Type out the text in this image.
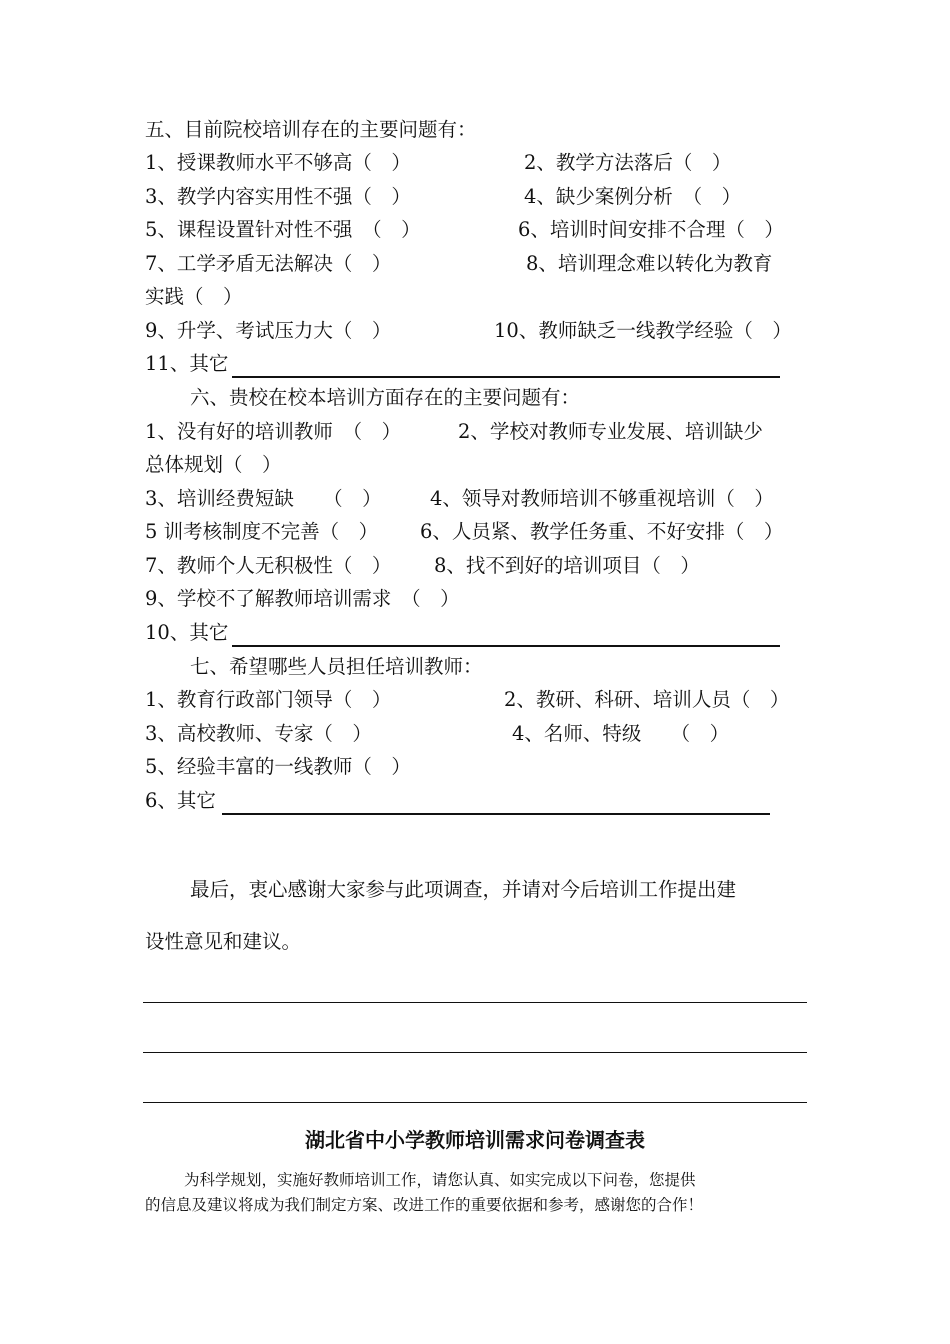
五、目前院校培训存在的主要问题有：
1、授课教师水平不够高（　）	2、教学方法落后（　）
3、教学内容实用性不强（　）	4、缺少案例分析　（　）
5、课程设置针对性不强　（　）	6、培训时间安排不合理（　）
7、工学矛盾无法解决（　）	8、培训理念难以转化为教育
实践（　）
9、升学、考试压力大（　）	10、教师缺乏一线教学经验（　）
11、其它
六、贵校在校本培训方面存在的主要问题有：
1、没有好的培训教师　（　）	2、学校对教师专业发展、培训缺少
总体规划（　）
3、培训经费短缺　　（　） 4、领导对教师培训不够重视培训（　）
5 训考核制度不完善（　） 6、人员紧、教学任务重、不好安排（　）
7、教师个人无积极性（　） 8、找不到好的培训项目（　）
9、学校不了解教师培训需求　（　）
10、其它
七、希望哪些人员担任培训教师：
1、教育行政部门领导（　）	2、教研、科研、培训人员（　）
3、高校教师、专家（　）	4、名师、特级　　（　）
5、经验丰富的一线教师（　）
6、其它
最后，衷心感谢大家参与此项调查，并请对今后培训工作提出建
设性意见和建议。
湖北省中小学教师培训需求问卷调查表
为科学规划，实施好教师培训工作，请您认真、如实完成以下问卷，您提供
的信息及建议将成为我们制定方案、改进工作的重要依据和参考，感谢您的合作！
